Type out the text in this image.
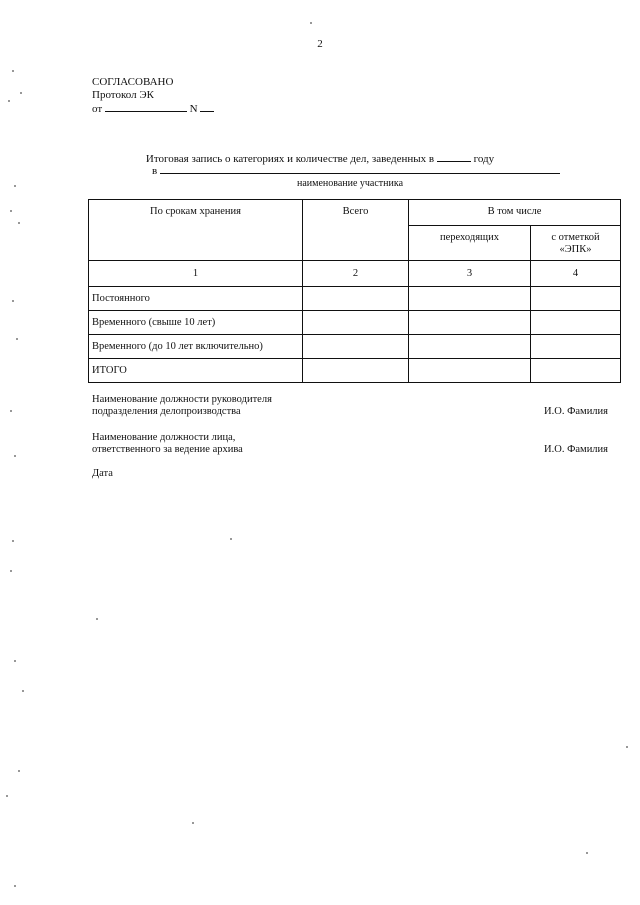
2
СОГЛАСОВАНО
Протокол ЭК
от	N
Итоговая запись о категориях и количестве дел, заведенных в	году
в
наименование участника
По срокам хранения	Всего	В том числе	
		переходящих	с отметкой «ЭПК»
1	2	3	4
Постоянного			
Временного (свыше 10 лет)			
Временного (до 10 лет включительно)			
ИТОГО			
Наименование должности руководителя
подразделения делопроизводства	И.О. Фамилия
Наименование должности лица,
ответственного за ведение архива	И.О. Фамилия
Дата
